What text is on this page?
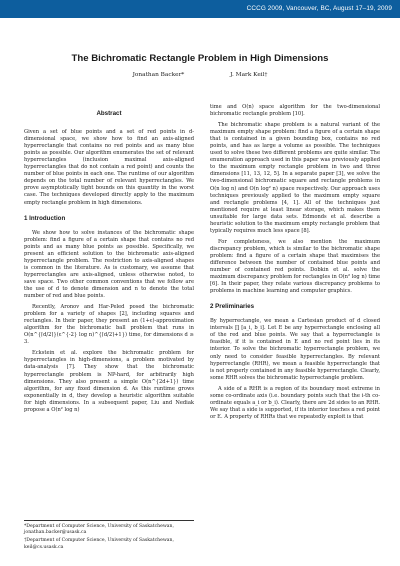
CCCG 2009, Vancouver, BC, August 17–19, 2009
The Bichromatic Rectangle Problem in High Dimensions
Jonathan Backer*	J. Mark Keil†
Abstract

Given a set of blue points and a set of red points in d-dimensional space, we show how to find an axis-aligned hyperrectangle that contains no red points and as many blue points as possible. Our algorithm enumerates the set of relevant hyperrectangles (inclusion maximal axis-aligned hyperrectangles that do not contain a red point) and counts the number of blue points in each one. The runtime of our algorithm depends on the total number of relevant hyperrectangles. We prove asymptotically tight bounds on this quantity in the worst case. The techniques developed directly apply to the maximum empty rectangle problem in high dimensions.

1 Introduction

We show how to solve instances of the bichromatic shape problem: find a figure of a certain shape that contains no red points and as many blue points as possible. Specifically, we present an efficient solution to the bichromatic axis-aligned hyperrectangle problem. The restriction to axis-aligned shapes is common in the literature. As is customary, we assume that hyperrectangles are axis-aligned, unless otherwise noted, to save space. Two other common conventions that we follow are the use of d to denote dimension and n to denote the total number of red and blue points.

Recently, Aronov and Har-Peled posed the bichromatic problem for a variety of shapes [2], including squares and rectangles. In their paper, they present an (1+ε)-approximation algorithm for the bichromatic ball problem that runs in O(n^{⌈d/2⌉}(ε^{-2} log n)^{⌈d/2⌉+1}) time, for dimensions d ≥ 3.

Eckstein et al. explore the bichromatic problem for hyperrectangles in high-dimensions, a problem motivated by data-analysis [7]. They show that the bichromatic hyperrectangle problem is NP-hard, for arbitrarily high dimensions. They also present a simple O(n^{2d+1}) time algorithm, for any fixed dimension d. As this runtime grows exponentially in d, they develop a heuristic algorithm suitable for high dimensions. In a subsequent paper, Liu and Nediak propose a O(n² log n)

time and O(n) space algorithm for the two-dimensional bichromatic rectangle problem [10].

The bichromatic shape problem is a natural variant of the maximum empty shape problem: find a figure of a certain shape that is contained in a given bounding box, contains no red points, and has as large a volume as possible. The techniques used to solve these two different problems are quite similar. The enumeration approach used in this paper was previously applied to the maximum empty rectangle problem in two and three dimensions [11, 13, 12, 5]. In a separate paper [3], we solve the two-dimensional bichromatic square and rectangle problems in O(n log n) and O(n log² n) space respectively. Our approach uses techniques previously applied to the maximum empty square and rectangle problems [4, 1]. All of the techniques just mentioned require at least linear storage, which makes them unsuitable for large data sets. Edmonds et al. describe a heuristic solution to the maximum empty rectangle problem that typically requires much less space [8].

For completeness, we also mention the maximum discrepancy problem, which is similar to the bichromatic shape problem: find a figure of a certain shape that maximises the difference between the number of contained blue points and number of contained red points. Dobkin et al. solve the maximum discrepancy problem for rectangles in O(n² log n) time [6]. In their paper, they relate various discrepancy problems to problems in machine learning and computer graphics.

2 Preliminaries

By hyperrectangle, we mean a Cartesian product of d closed intervals ∏ [a_i, b_i]. Let E be any hyperrectangle enclosing all of the red and blue points. We say that a hyperrectangle is feasible, if it is contained in E and no red point lies in its interior. To solve the bichromatic hyperrectangle problem, we only need to consider feasible hyperrectangles. By relevant hyperrectangle (RHR), we mean a feasible hyperrectangle that is not properly contained in any feasible hyperrectangle. Clearly, some RHR solves the bichromatic hyperrectangle problem.

A side of a RHR is a region of its boundary most extreme in some co-ordinate axis (i.e. boundary points such that the i-th co-ordinate equals a_i or b_i). Clearly, there are 2d sides to an RHR. We say that a side is supported, if its interior touches a red point or E. A property of RHRs that we repeatedly exploit is that

*Department of Computer Science, University of Saskatchewan, jonathan.backer@usask.ca
†Department of Computer Science, University of Saskatchewan, keil@cs.usask.ca
